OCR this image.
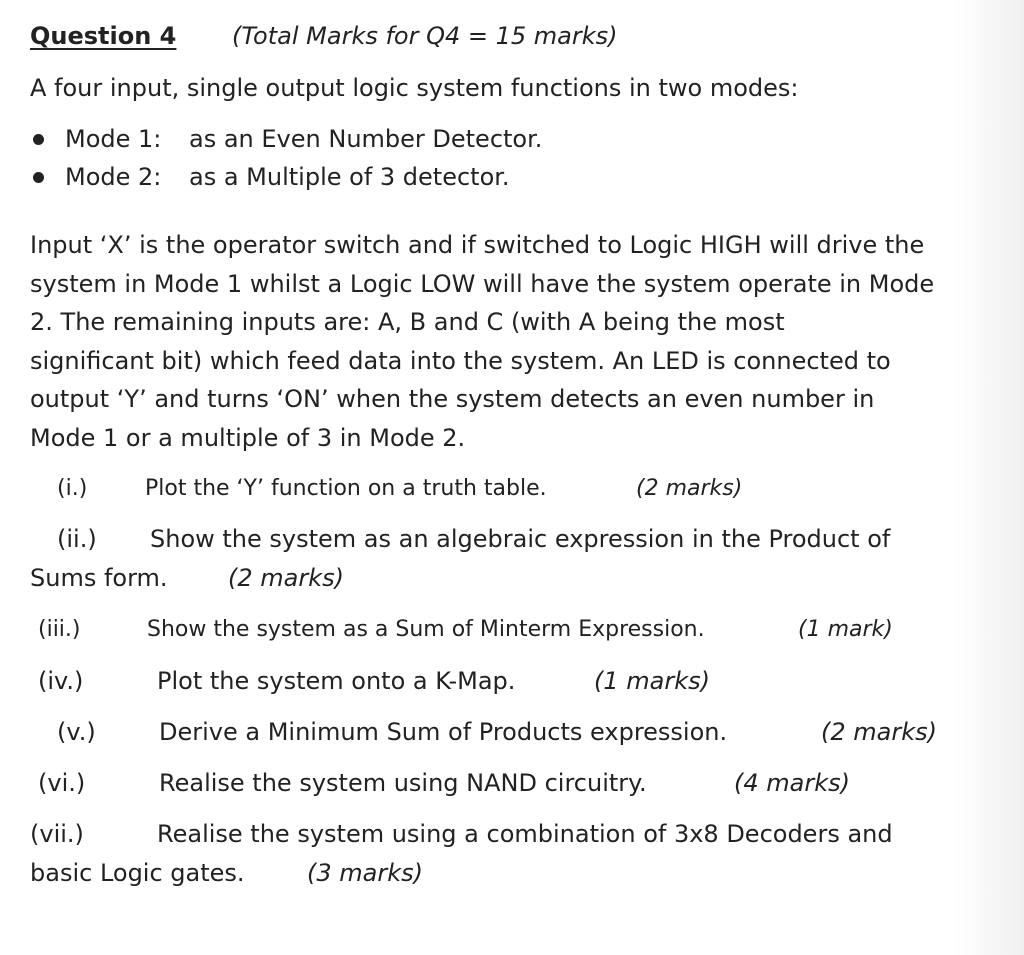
Question 4 (Total Marks for Q4 = 15 marks)
A four input, single output logic system functions in two modes:
Mode 1: as an Even Number Detector.
Mode 2: as a Multiple of 3 detector.
Input ‘X’ is the operator switch and if switched to Logic HIGH will drive the
system in Mode 1 whilst a Logic LOW will have the system operate in Mode
2. The remaining inputs are: A, B and C (with A being the most
significant bit) which feed data into the system. An LED is connected to
output ‘Y’ and turns ‘ON’ when the system detects an even number in
Mode 1 or a multiple of 3 in Mode 2.
(i.)	Plot the ‘Y’ function on a truth table.	(2 marks)
(ii.) Show the system as an algebraic expression in the Product of
Sums form.	(2 marks)
(iii.)	Show the system as a Sum of Minterm Expression.	(1 mark)
(iv.)	Plot the system onto a K-Map.	(1 marks)
(v.)	Derive a Minimum Sum of Products expression.	(2 marks)
(vi.)	Realise the system using NAND circuitry.	(4 marks)
(vii.)	Realise the system using a combination of 3x8 Decoders and
basic Logic gates.	(3 marks)
